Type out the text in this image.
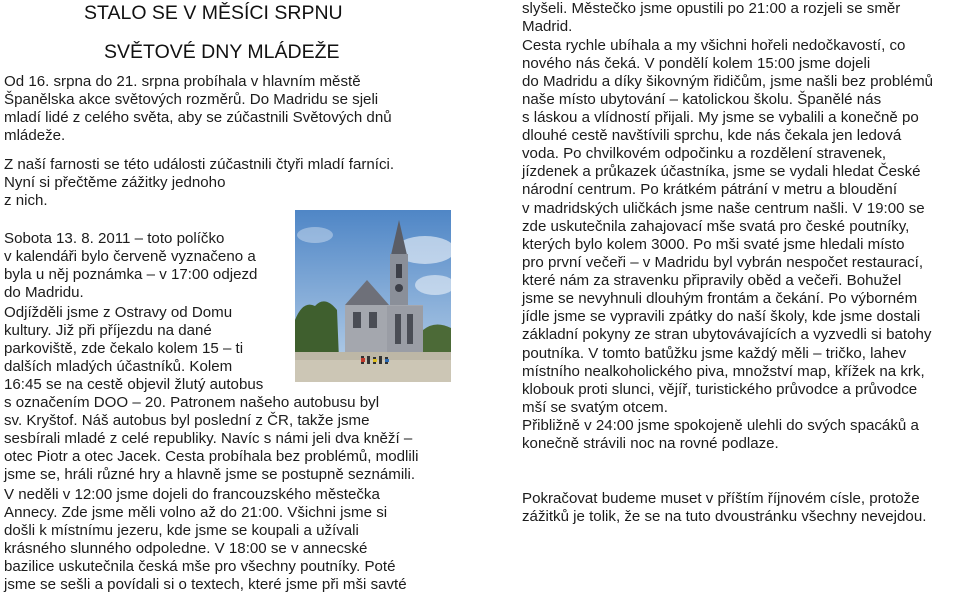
STALO SE V MĚSÍCI SRPNU
SVĚTOVÉ DNY MLÁDEŽE
Od 16. srpna do 21. srpna probíhala v hlavním městě
Španělska akce světových rozměrů. Do Madridu se sjeli
mladí lidé z celého světa, aby se zúčastnili Světových dnů
mládeže.
Z naší farnosti se této události zúčastnili čtyři mladí farníci.
Nyní si přečtěme zážitky jednoho
z nich.
Sobota 13. 8. 2011 – toto políčko
v kalendáři bylo červeně vyznačeno a
byla u něj poznámka – v 17:00 odjezd
do Madridu.
Odjížděli jsme z Ostravy od Domu
kultury. Již při příjezdu na dané
parkoviště, zde čekalo kolem 15 – ti
dalších mladých účastníků. Kolem
16:45 se na cestě objevil žlutý autobus
s označením DOO – 20. Patronem našeho autobusu byl
sv. Kryštof. Náš autobus byl poslední z ČR, takže jsme
sesbírali mladé z celé republiky. Navíc s námi jeli dva kněží –
otec Piotr a otec Jacek. Cesta probíhala bez problémů, modlili
jsme se, hráli různé hry a hlavně jsme se postupně seznámili.
V neděli v 12:00 jsme dojeli do francouzského městečka
Annecy. Zde jsme měli volno až do 21:00. Všichni jsme si
došli k místnímu jezeru, kde jsme se koupali a užívali
krásného slunného odpoledne. V 18:00 se v annecské
bazilice uskutečnila česká mše pro všechny poutníky. Poté
jsme se sešli a povídali si o textech, které jsme při mši savté
slyšeli. Městečko jsme opustili po 21:00 a rozjeli se směr
Madrid.
Cesta rychle ubíhala a my všichni hořeli nedočkavostí, co
nového nás čeká. V pondělí kolem 15:00 jsme dojeli
do Madridu a díky šikovným řidičům, jsme našli bez problémů
naše místo ubytování – katolickou školu. Španělé nás
s láskou a vlídností přijali. My jsme se vybalili a konečně po
dlouhé cestě navštívili sprchu, kde nás čekala jen ledová
voda. Po chvilkovém odpočinku a rozdělení stravenek,
jízdenek a průkazek účastníka, jsme se vydali hledat České
národní centrum. Po krátkém pátrání v metru a bloudění
v madridských uličkách jsme naše centrum našli. V 19:00 se
zde uskutečnila zahajovací mše svatá pro české poutníky,
kterých bylo kolem 3000. Po mši svaté jsme hledali místo
pro první večeři – v Madridu byl vybrán nespočet restaurací,
které nám za stravenku připravily oběd a večeři. Bohužel
jsme se nevyhnuli dlouhým frontám a čekání. Po výborném
jídle jsme se vypravili zpátky do naší školy, kde jsme dostali
základní pokyny ze stran ubytovávajících a vyzvedli si batohy
poutníka. V tomto batůžku jsme každý měli – tričko, lahev
místního nealkoholického piva, množství map, křížek na krk,
klobouk proti slunci, vějíř, turistického průvodce a průvodce
mší se svatým otcem.
Přibližně v 24:00 jsme spokojeně ulehli do svých spacáků a
konečně strávili noc na rovné podlaze.
Pokračovat budeme muset v příštím říjnovém císle, protože
zážitků je tolik, že se na tuto dvoustránku všechny nevejdou.
